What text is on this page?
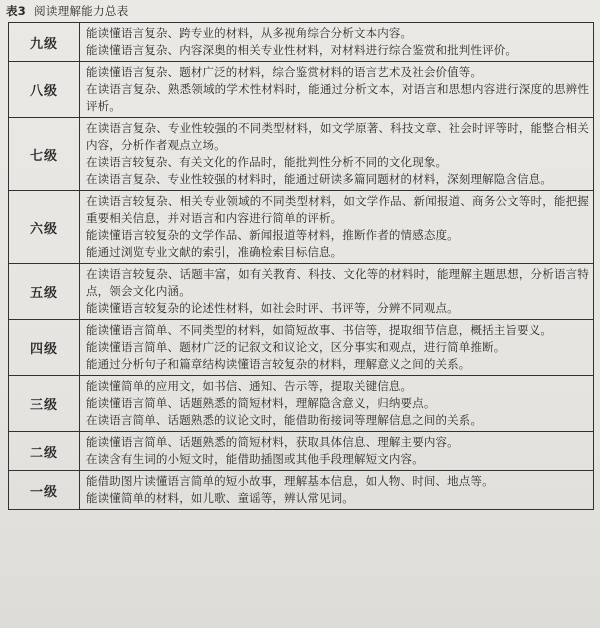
表3 阅读理解能力总表
九级	能读懂语言复杂、跨专业的材料，从多视角综合分析文本内容。
能读懂语言复杂、内容深奥的相关专业性材料，对材料进行综合鉴赏和批判性评价。

八级	能读懂语言复杂、题材广泛的材料，综合鉴赏材料的语言艺术及社会价值等。
在读语言复杂、熟悉领域的学术性材料时，能通过分析文本，对语言和思想内容进行深度的思辨性评析。

七级	在读语言复杂、专业性较强的不同类型材料，如文学原著、科技文章、社会时评等时，能整合相关内容，分析作者观点立场。
在读语言较复杂、有关文化的作品时，能批判性分析不同的文化现象。
在读语言复杂、专业性较强的材料时，能通过研读多篇同题材的材料，深刻理解隐含信息。

六级	在读语言较复杂、相关专业领域的不同类型材料，如文学作品、新闻报道、商务公文等时，能把握重要相关信息，并对语言和内容进行简单的评析。
能读懂语言较复杂的文学作品、新闻报道等材料，推断作者的情感态度。
能通过浏览专业文献的索引，准确检索目标信息。

五级	在读语言较复杂、话题丰富，如有关教育、科技、文化等的材料时，能理解主题思想，分析语言特点，领会文化内涵。
能读懂语言较复杂的论述性材料，如社会时评、书评等，分辨不同观点。

四级	能读懂语言简单、不同类型的材料，如简短故事、书信等，提取细节信息，概括主旨要义。
能读懂语言简单、题材广泛的记叙文和议论文，区分事实和观点，进行简单推断。
能通过分析句子和篇章结构读懂语言较复杂的材料，理解意义之间的关系。

三级	能读懂简单的应用文，如书信、通知、告示等，提取关键信息。
能读懂语言简单、话题熟悉的简短材料，理解隐含意义，归纳要点。
在读语言简单、话题熟悉的议论文时，能借助衔接词等理解信息之间的关系。

二级	能读懂语言简单、话题熟悉的简短材料，获取具体信息、理解主要内容。
在读含有生词的小短文时，能借助插图或其他手段理解短文内容。

一级	能借助图片读懂语言简单的短小故事，理解基本信息，如人物、时间、地点等。
能读懂简单的材料，如儿歌、童谣等，辨认常见词。
